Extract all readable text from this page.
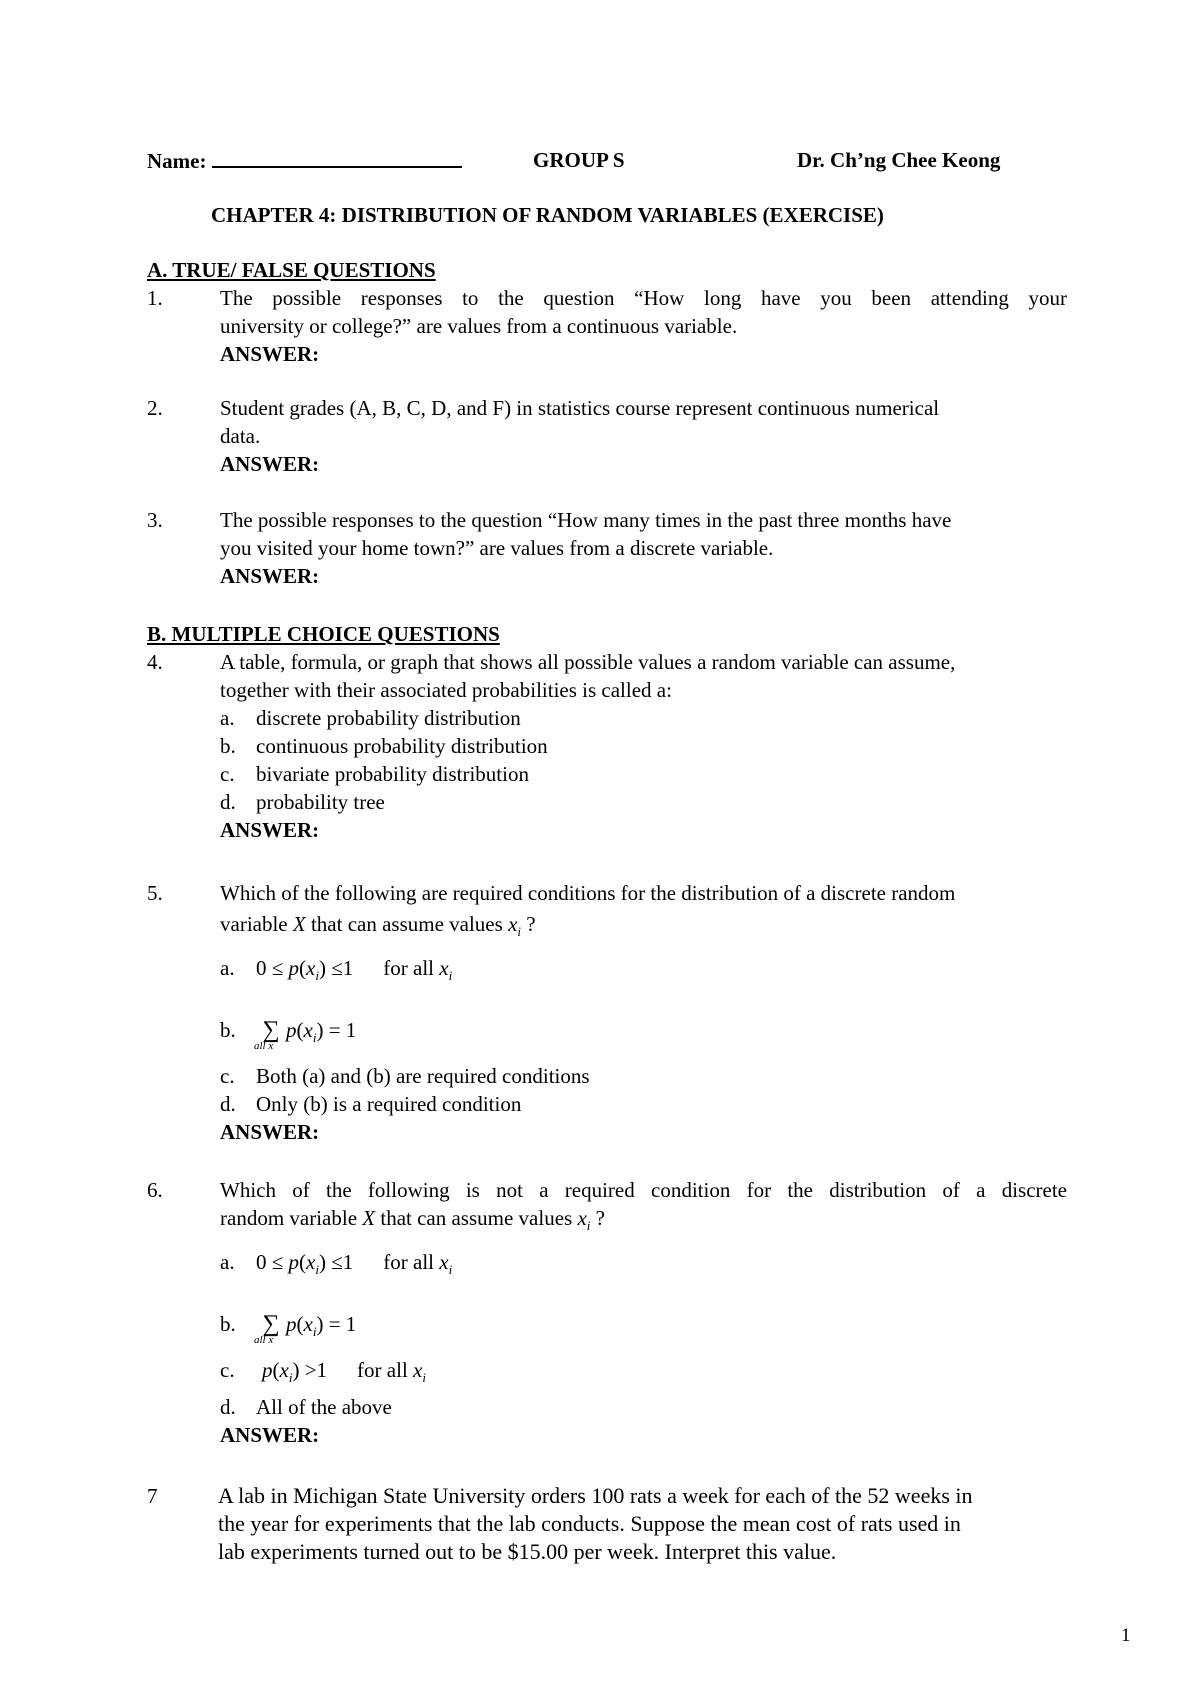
Name:	GROUP S	Dr. Ch’ng Chee Keong
CHAPTER 4: DISTRIBUTION OF RANDOM VARIABLES (EXERCISE)
A. TRUE/ FALSE QUESTIONS
1.	The possible responses to the question “How long have you been attending your
university or college?” are values from a continuous variable.
ANSWER:
2.	Student grades (A, B, C, D, and F) in statistics course represent continuous numerical
data.
ANSWER:
3.	The possible responses to the question “How many times in the past three months have
you visited your home town?” are values from a discrete variable.
ANSWER:
B. MULTIPLE CHOICE QUESTIONS
4.	A table, formula, or graph that shows all possible values a random variable can assume,
together with their associated probabilities is called a:
a. discrete probability distribution
b. continuous probability distribution
c. bivariate probability distribution
d. probability tree
ANSWER:
5.	Which of the following are required conditions for the distribution of a discrete random
variable X that can assume values $x_i$ ?
a. $0 \le p(x_i) \le 1$ for all $x_i$
b. ∑
all x
$p(x_i) = 1$
c. Both (a) and (b) are required conditions
d. Only (b) is a required condition
ANSWER:
6.	Which of the following is not a required condition for the distribution of a discrete
random variable X that can assume values $x_i$ ?
a. $0 \le p(x_i) \le 1$ for all $x_i$
b. ∑
all x
$p(x_i) = 1$
c. $p(x_i) >1$ for all $x_i$
d. All of the above
ANSWER:
7	A lab in Michigan State University orders 100 rats a week for each of the 52 weeks in
the year for experiments that the lab conducts. Suppose the mean cost of rats used in
lab experiments turned out to be $15.00 per week. Interpret this value.
1
